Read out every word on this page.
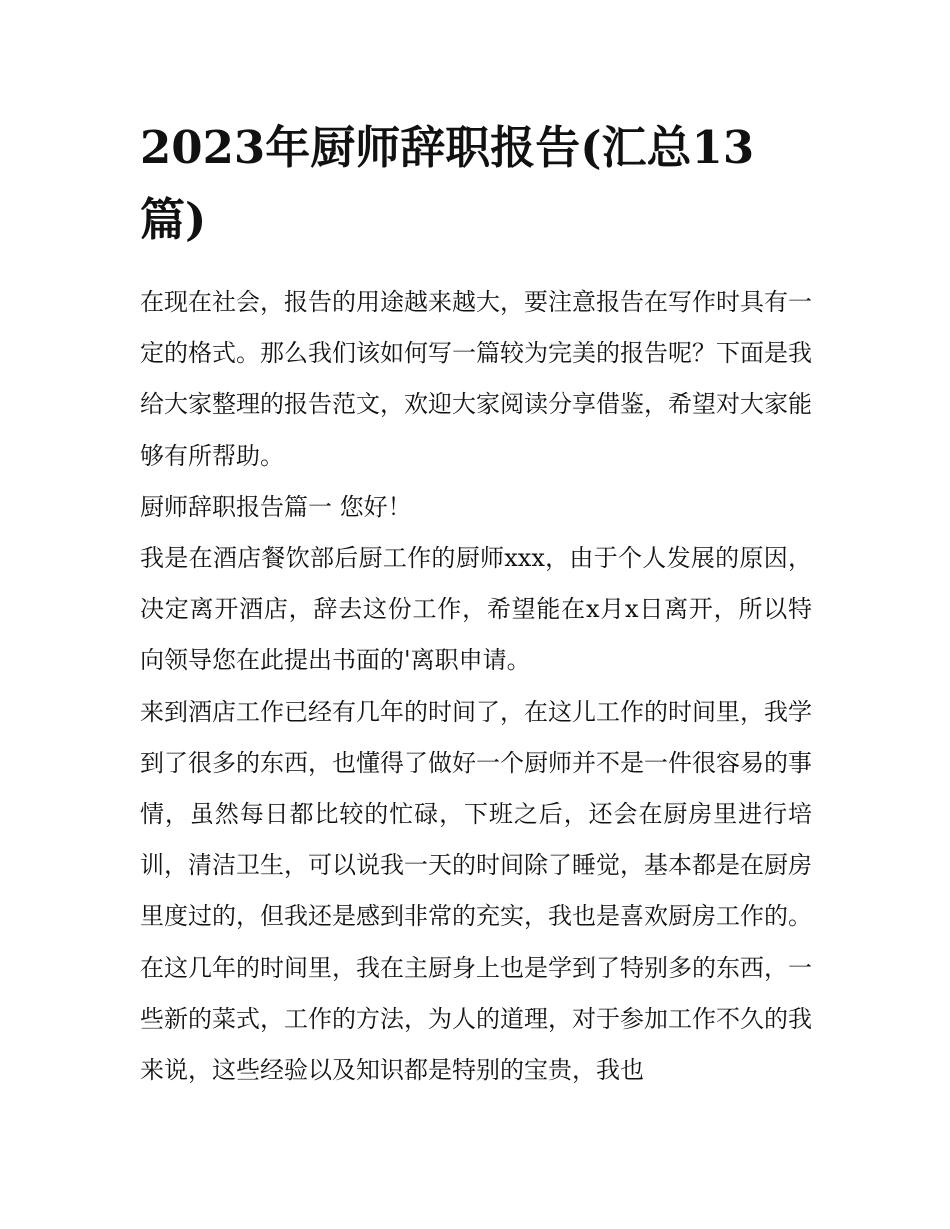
2023年厨师辞职报告(汇总13篇)

在现在社会，报告的用途越来越大，要注意报告在写作时具有一定的格式。那么我们该如何写一篇较为完美的报告呢？下面是我给大家整理的报告范文，欢迎大家阅读分享借鉴，希望对大家能够有所帮助。

厨师辞职报告篇一 您好！

我是在酒店餐饮部后厨工作的厨师xxx，由于个人发展的原因，决定离开酒店，辞去这份工作，希望能在x月x日离开，所以特向领导您在此提出书面的'离职申请。

来到酒店工作已经有几年的时间了，在这儿工作的时间里，我学到了很多的东西，也懂得了做好一个厨师并不是一件很容易的事情，虽然每日都比较的忙碌，下班之后，还会在厨房里进行培训，清洁卫生，可以说我一天的时间除了睡觉，基本都是在厨房里度过的，但我还是感到非常的充实，我也是喜欢厨房工作的。在这几年的时间里，我在主厨身上也是学到了特别多的东西，一些新的菜式，工作的方法，为人的道理，对于参加工作不久的我来说，这些经验以及知识都是特别的宝贵，我也
